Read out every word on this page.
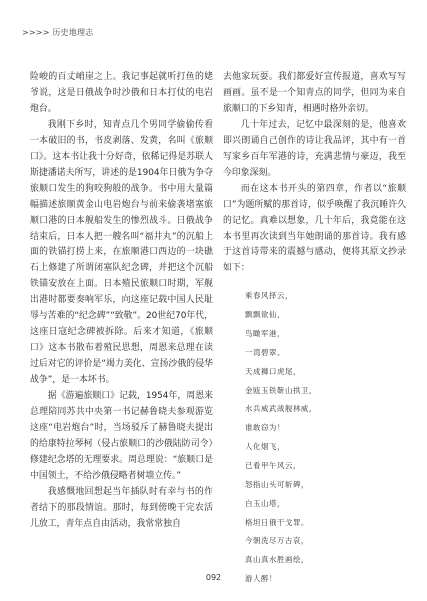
>>>> 历史地理志

险峻的百丈峭崖之上。我记事起就听打鱼的姥爷说，这是日俄战争时沙俄和日本打仗的电岩炮台。

我刚下乡时，知青点几个男同学偷偷传看一本破旧的书，书皮剥落、发黄，名叫《旅顺口》。这本书让我十分好奇，依稀记得是苏联人斯捷潘诺夫所写，讲述的是1904年日俄为争夺旅顺口发生的狗咬狗般的战争。书中用大量篇幅描述旅顺黄金山电岩炮台与前来偷袭堵塞旅顺口港的日本舰船发生的惨烈战斗。日俄战争结束后，日本人把一艘名叫“福井丸”的沉船上面的铁锚打捞上来，在旅顺港口西边的一块礁石上修建了所谓闭塞队纪念碑，并把这个沉船铁锚安放在上面。日本殖民旅顺口时期，军舰出港时都要奏响军乐，向这座记载中国人民耻辱与苦难的“纪念碑”“致敬”。20世纪70年代，这座日寇纪念碑被拆除。后来才知道，《旅顺口》这本书散布着殖民思想，周恩来总理在读过后对它的评价是“竭力美化、宣扬沙俄的侵华战争”，是一本坏书。

据《游遍旅顺口》记载，1954年，周恩来总理陪同苏共中央第一书记赫鲁晓夫参观游览这座“电岩炮台”时，当场驳斥了赫鲁晓夫提出的给康特拉琴柯（侵占旅顺口的沙俄陆防司令）修建纪念塔的无理要求。周总理说：“旅顺口是中国领土，不给沙俄侵略者树墙立传。”

我感慨地回想起当年插队时有幸与书的作者结下的那段情谊。那时，每到傍晚干完农活儿放工，青年点自由活动，我常常独自

去他家玩耍。我们都爱好宣传报道，喜欢写写画画。虽不是一个知青点的同学，但同为来自旅顺口的下乡知青，相遇时格外亲切。

几十年过去，记忆中最深刻的是，他喜欢即兴朗诵自己创作的诗让我品评，其中有一首写家乡百年军港的诗，充满悲情与豪迈，我至今印象深刻。

而在这本书开头的第四章，作者以“旅顺口”为题所赋的那首诗，似乎唤醒了我沉睡许久的记忆。真难以想象，几十年后，我竟能在这本书里再次读到当年她朗诵的那首诗。我有感于这首诗带来的震撼与感动，便将其原文抄录如下：

乘春风择云，
飘飘欲仙，
鸟瞰军港，
一湾碧翠。
天成狮口虎尾，
金瓯玉铁靳山拱卫，
水兵威武战舰林威，
谁敢窃为！
人化烟飞，
已看甲午风云，
怒指山头可斩碑，
白玉山塔，
格坦日俄干戈罪。
今朝洗尽万古哀，
真山真水胜画绘，
游人醉！
092
